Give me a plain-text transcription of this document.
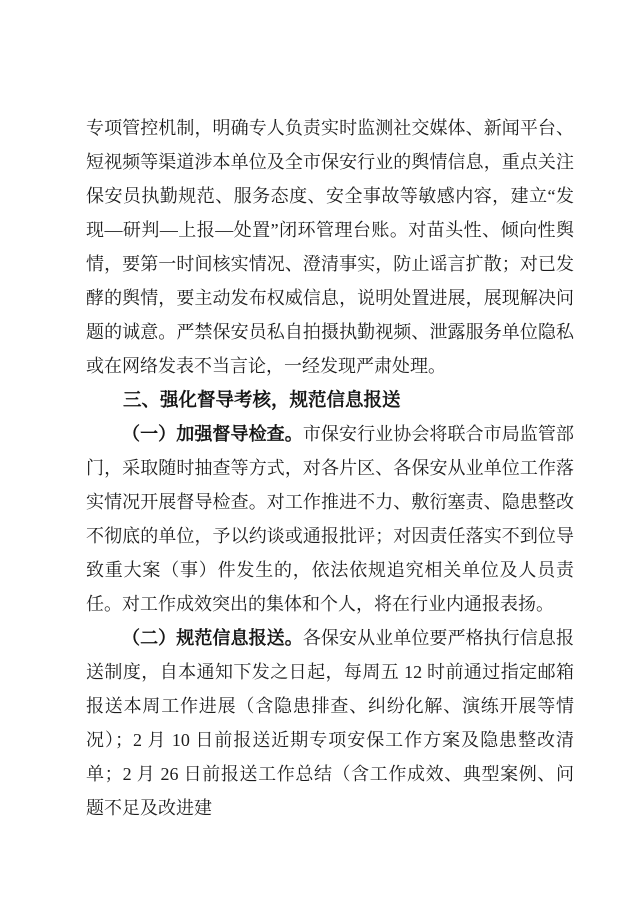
专项管控机制，明确专人负责实时监测社交媒体、新闻平台、短视频等渠道涉本单位及全市保安行业的舆情信息，重点关注保安员执勤规范、服务态度、安全事故等敏感内容，建立“发现—研判—上报—处置”闭环管理台账。对苗头性、倾向性舆情，要第一时间核实情况、澄清事实，防止谣言扩散；对已发酵的舆情，要主动发布权威信息，说明处置进展，展现解决问题的诚意。严禁保安员私自拍摄执勤视频、泄露服务单位隐私或在网络发表不当言论，一经发现严肃处理。

三、强化督导考核，规范信息报送

（一）加强督导检查。市保安行业协会将联合市局监管部门，采取随时抽查等方式，对各片区、各保安从业单位工作落实情况开展督导检查。对工作推进不力、敷衍塞责、隐患整改不彻底的单位，予以约谈或通报批评；对因责任落实不到位导致重大案（事）件发生的，依法依规追究相关单位及人员责任。对工作成效突出的集体和个人，将在行业内通报表扬。

（二）规范信息报送。各保安从业单位要严格执行信息报送制度，自本通知下发之日起，每周五 12 时前通过指定邮箱报送本周工作进展（含隐患排查、纠纷化解、演练开展等情况）；2 月 10 日前报送近期专项安保工作方案及隐患整改清单；2 月 26 日前报送工作总结（含工作成效、典型案例、问题不足及改进建
